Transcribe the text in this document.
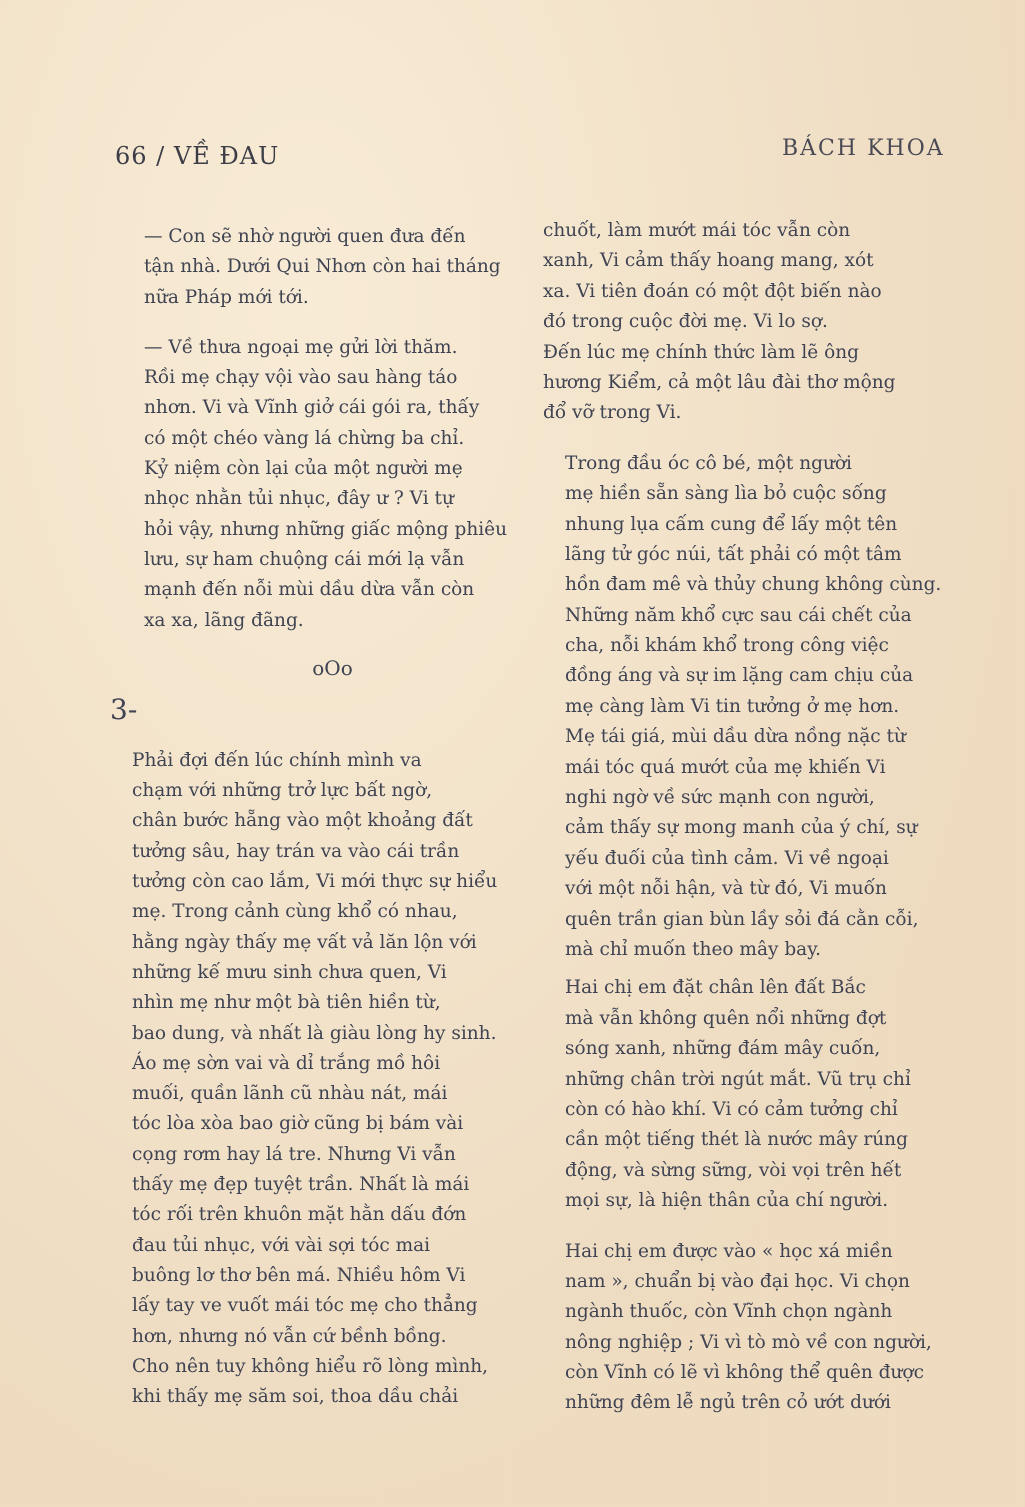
66 / VỀ ĐAU	BÁCH KHOA
— Con sẽ nhờ người quen đưa đến
tận nhà. Dưới Qui Nhơn còn hai tháng
nữa Pháp mới tới.
— Về thưa ngoại mẹ gửi lời thăm.
Rồi mẹ chạy vội vào sau hàng táo
nhơn. Vi và Vĩnh giở cái gói ra, thấy
có một chéo vàng lá chừng ba chỉ.
Kỷ niệm còn lại của một người mẹ
nhọc nhằn tủi nhục, đây ư ? Vi tự
hỏi vậy, nhưng những giấc mộng phiêu
lưu, sự ham chuộng cái mới lạ vẫn
mạnh đến nỗi mùi dầu dừa vẫn còn
xa xa, lãng đãng.
oOo
3-
Phải đợi đến lúc chính mình va
chạm với những trở lực bất ngờ,
chân bước hẵng vào một khoảng đất
tưởng sâu, hay trán va vào cái trần
tưởng còn cao lắm, Vi mới thực sự hiểu
mẹ. Trong cảnh cùng khổ có nhau,
hằng ngày thấy mẹ vất vả lăn lộn với
những kế mưu sinh chưa quen, Vi
nhìn mẹ như một bà tiên hiền từ,
bao dung, và nhất là giàu lòng hy sinh.
Áo mẹ sờn vai và dỉ trắng mồ hôi
muối, quần lãnh cũ nhàu nát, mái
tóc lòa xòa bao giờ cũng bị bám vài
cọng rơm hay lá tre. Nhưng Vi vẫn
thấy mẹ đẹp tuyệt trần. Nhất là mái
tóc rối trên khuôn mặt hằn dấu đớn
đau tủi nhục, với vài sợi tóc mai
buông lơ thơ bên má. Nhiều hôm Vi
lấy tay ve vuốt mái tóc mẹ cho thẳng
hơn, nhưng nó vẫn cứ bềnh bồng.
Cho nên tuy không hiểu rõ lòng mình,
khi thấy mẹ săm soi, thoa dầu chải
chuốt, làm mướt mái tóc vẫn còn
xanh, Vi cảm thấy hoang mang, xót
xa. Vi tiên đoán có một đột biến nào
đó trong cuộc đời mẹ. Vi lo sợ.
Đến lúc mẹ chính thức làm lẽ ông
hương Kiểm, cả một lâu đài thơ mộng
đổ vỡ trong Vi.
Trong đầu óc cô bé, một người
mẹ hiền sẵn sàng lìa bỏ cuộc sống
nhung lụa cấm cung để lấy một tên
lãng tử góc núi, tất phải có một tâm
hồn đam mê và thủy chung không cùng.
Những năm khổ cực sau cái chết của
cha, nỗi khám khổ trong công việc
đồng áng và sự im lặng cam chịu của
mẹ càng làm Vi tin tưởng ở mẹ hơn.
Mẹ tái giá, mùi dầu dừa nồng nặc từ
mái tóc quá mướt của mẹ khiến Vi
nghi ngờ về sức mạnh con người,
cảm thấy sự mong manh của ý chí, sự
yếu đuối của tình cảm. Vi về ngoại
với một nỗi hận, và từ đó, Vi muốn
quên trần gian bùn lầy sỏi đá cằn cỗi,
mà chỉ muốn theo mây bay.
Hai chị em đặt chân lên đất Bắc
mà vẫn không quên nổi những đợt
sóng xanh, những đám mây cuốn,
những chân trời ngút mắt. Vũ trụ chỉ
còn có hào khí. Vi có cảm tưởng chỉ
cần một tiếng thét là nước mây rúng
động, và sừng sững, vòi vọi trên hết
mọi sự, là hiện thân của chí người.
Hai chị em được vào « học xá miền
nam », chuẩn bị vào đại học. Vi chọn
ngành thuốc, còn Vĩnh chọn ngành
nông nghiệp ; Vi vì tò mò về con người,
còn Vĩnh có lẽ vì không thể quên được
những đêm lễ ngủ trên cỏ ướt dưới
